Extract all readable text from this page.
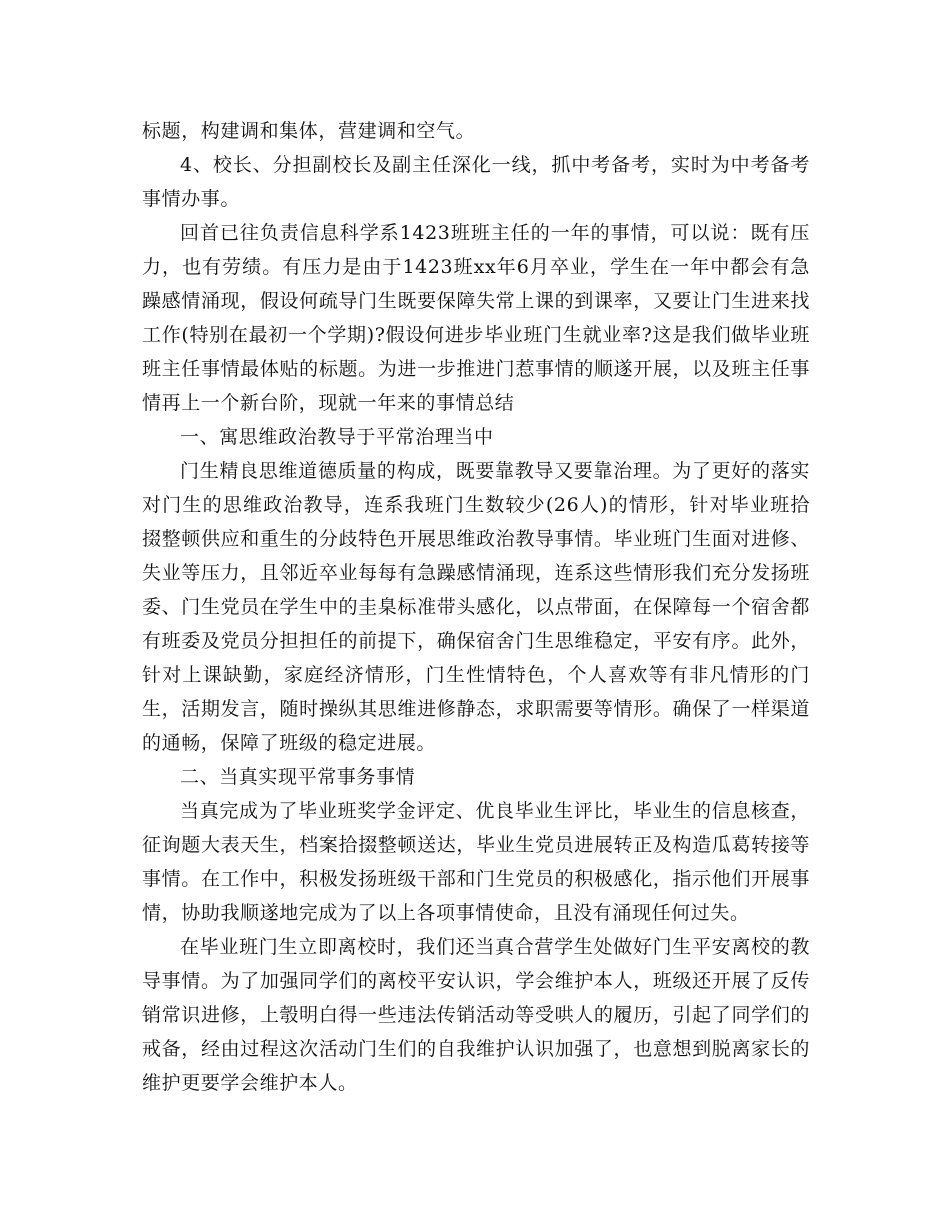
标题，构建调和集体，营建调和空气。

4、校长、分担副校长及副主任深化一线，抓中考备考，实时为中考备考事情办事。

回首已往负责信息科学系1423班班主任的一年的事情，可以说：既有压力，也有劳绩。有压力是由于1423班xx年6月卒业，学生在一年中都会有急躁感情涌现，假设何疏导门生既要保障失常上课的到课率，又要让门生进来找工作(特别在最初一个学期)?假设何进步毕业班门生就业率?这是我们做毕业班班主任事情最体贴的标题。为进一步推进门惹事情的顺遂开展，以及班主任事情再上一个新台阶，现就一年来的事情总结

一、寓思维政治教导于平常治理当中

门生精良思维道德质量的构成，既要靠教导又要靠治理。为了更好的落实对门生的思维政治教导，连系我班门生数较少(26人)的情形，针对毕业班拾掇整顿供应和重生的分歧特色开展思维政治教导事情。毕业班门生面对进修、失业等压力，且邻近卒业每每有急躁感情涌现，连系这些情形我们充分发扬班委、门生党员在学生中的圭臬标准带头感化，以点带面，在保障每一个宿舍都有班委及党员分担担任的前提下，确保宿舍门生思维稳定，平安有序。此外，针对上课缺勤，家庭经济情形，门生性情特色，个人喜欢等有非凡情形的门生，活期发言，随时操纵其思维进修静态，求职需要等情形。确保了一样渠道的通畅，保障了班级的稳定进展。

二、当真实现平常事务事情

当真完成为了毕业班奖学金评定、优良毕业生评比，毕业生的信息核查，征询题大表天生，档案拾掇整顿送达，毕业生党员进展转正及构造瓜葛转接等事情。在工作中，积极发扬班级干部和门生党员的积极感化，指示他们开展事情，协助我顺遂地完成为了以上各项事情使命，且没有涌现任何过失。

在毕业班门生立即离校时，我们还当真合营学生处做好门生平安离校的教导事情。为了加强同学们的离校平安认识，学会维护本人，班级还开展了反传销常识进修，上彀明白得一些违法传销活动等受哄人的履历，引起了同学们的戒备，经由过程这次活动门生们的自我维护认识加强了，也意想到脱离家长的维护更要学会维护本人。
